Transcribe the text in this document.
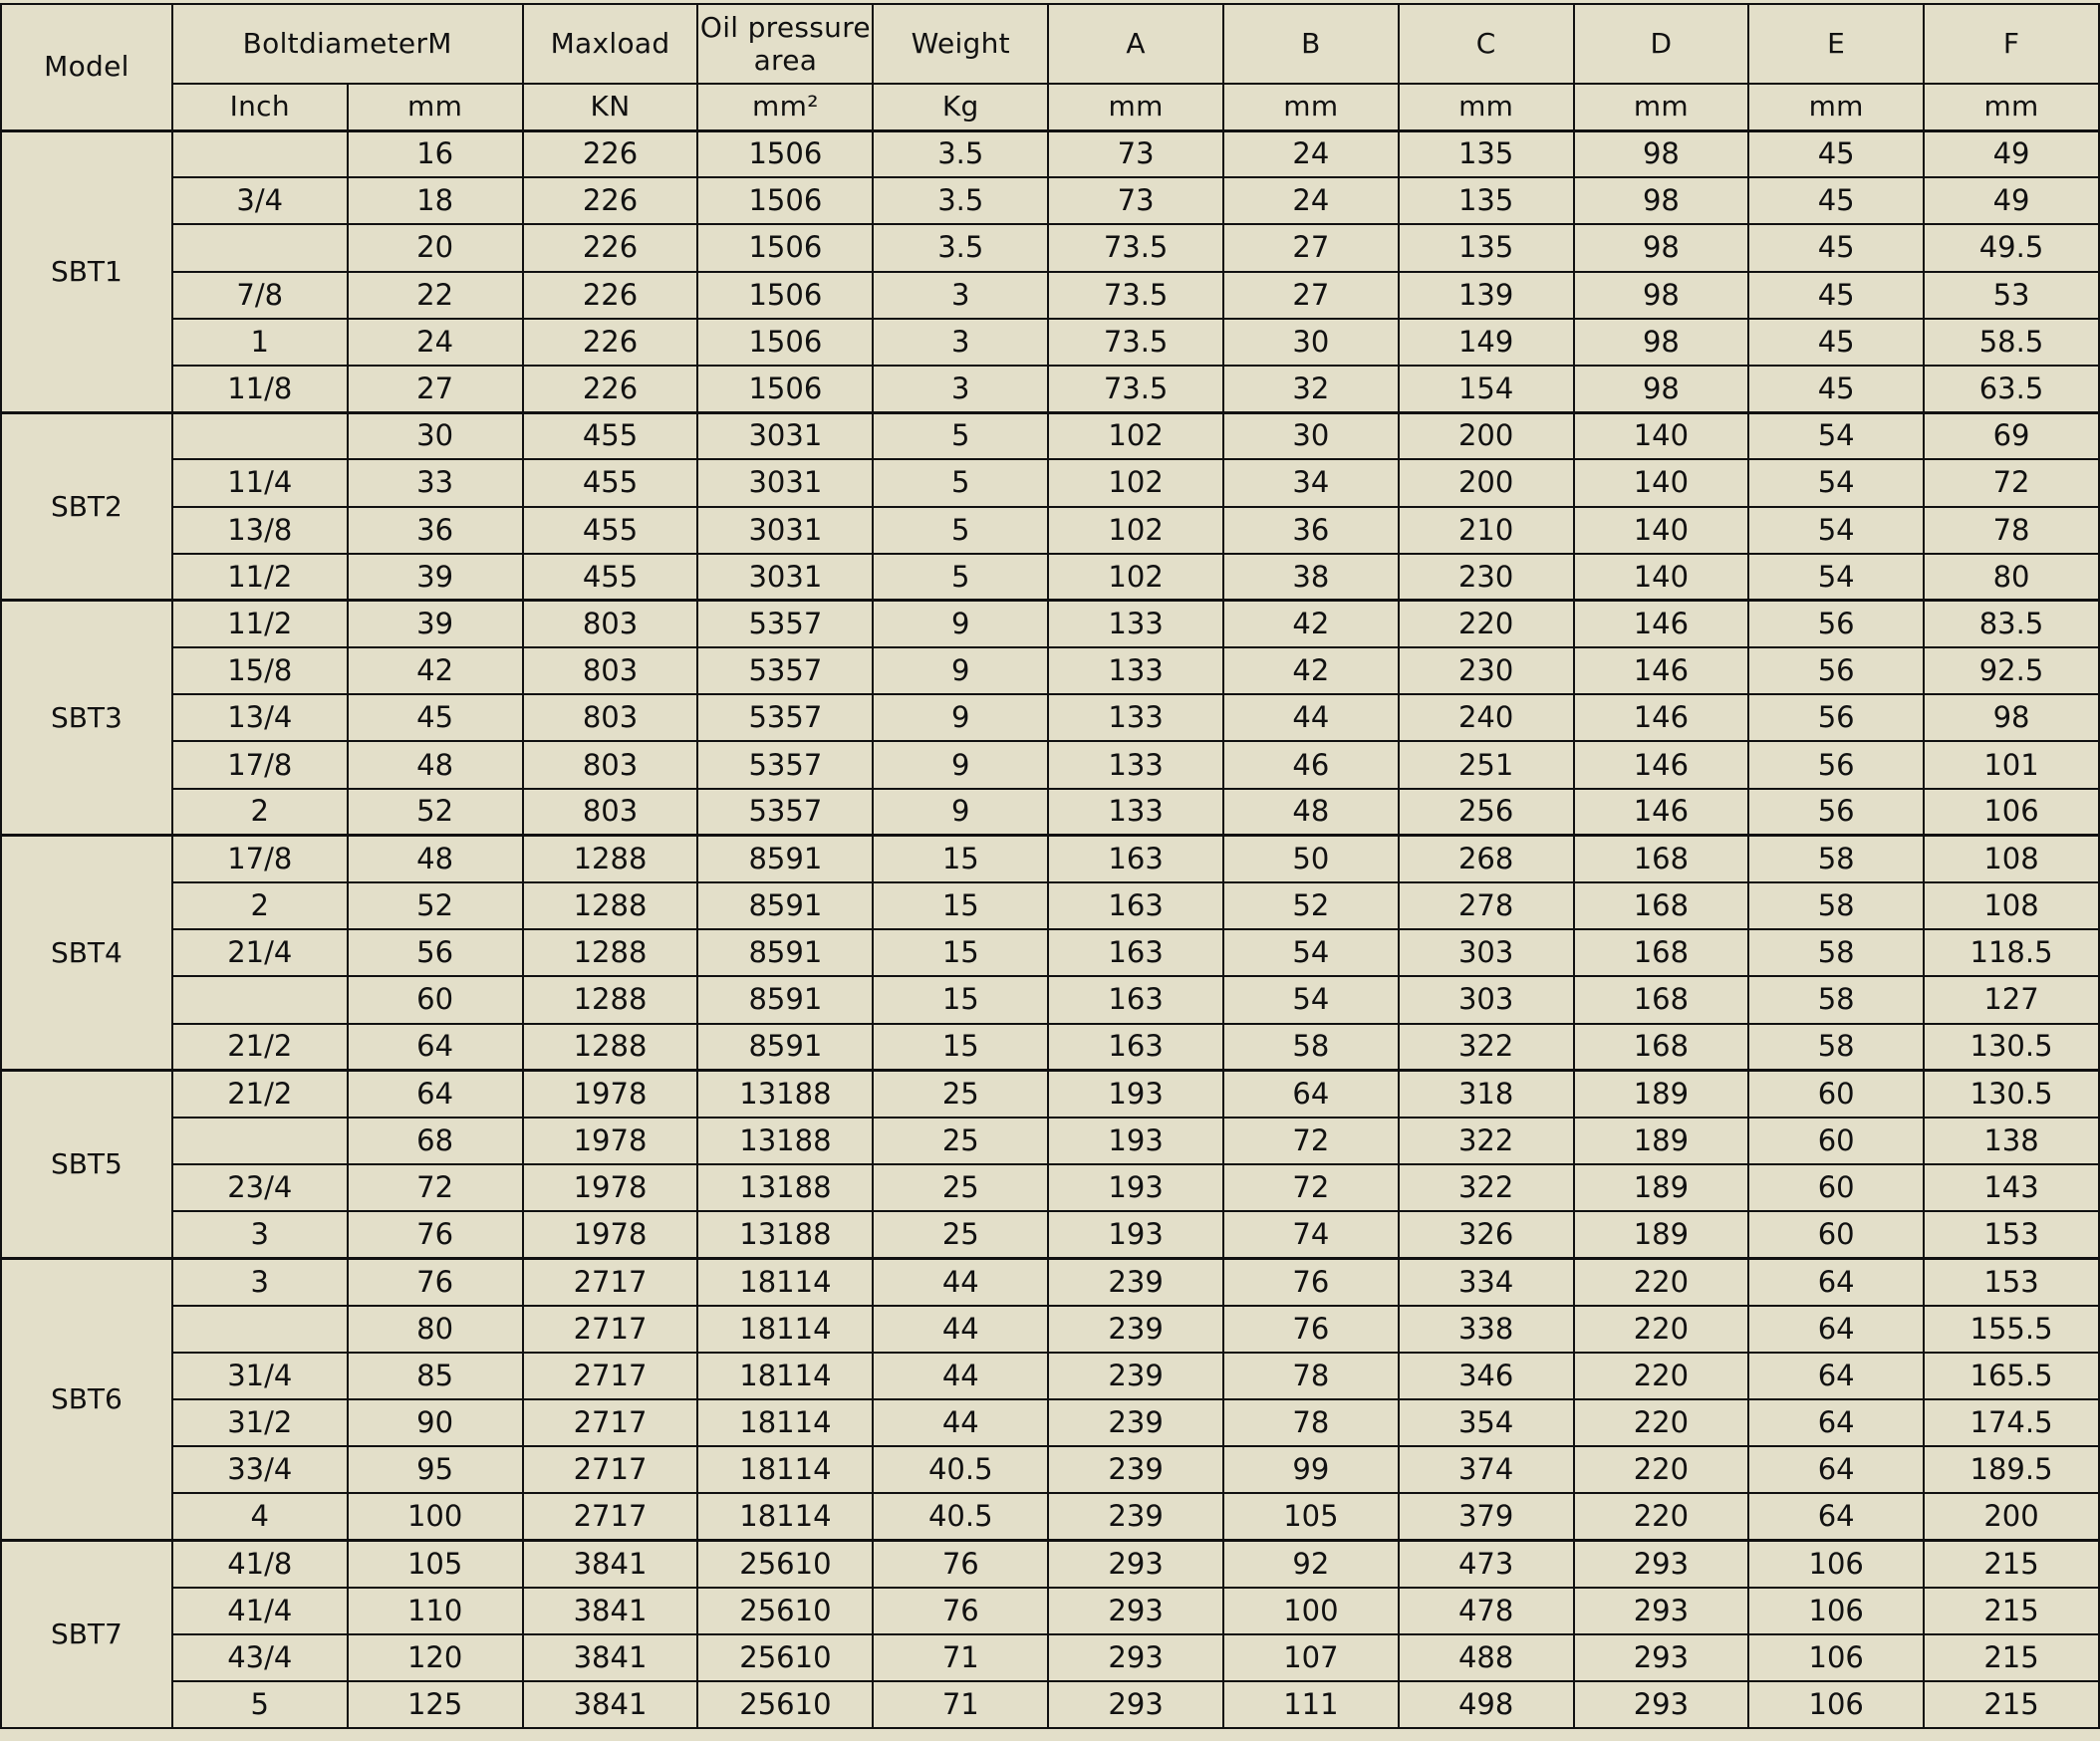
Model	BoltdiameterM		Maxload	Oil pressure area	Weight	A	B	C	D	E	F
	Inch	mm	KN	mm²	Kg	mm	mm	mm	mm	mm	mm
SBT1		16	226	1506	3.5	73	24	135	98	45	49
	3/4	18	226	1506	3.5	73	24	135	98	45	49
		20	226	1506	3.5	73.5	27	135	98	45	49.5
	7/8	22	226	1506	3	73.5	27	139	98	45	53
	1	24	226	1506	3	73.5	30	149	98	45	58.5
	11/8	27	226	1506	3	73.5	32	154	98	45	63.5
SBT2		30	455	3031	5	102	30	200	140	54	69
	11/4	33	455	3031	5	102	34	200	140	54	72
	13/8	36	455	3031	5	102	36	210	140	54	78
	11/2	39	455	3031	5	102	38	230	140	54	80
SBT3	11/2	39	803	5357	9	133	42	220	146	56	83.5
	15/8	42	803	5357	9	133	42	230	146	56	92.5
	13/4	45	803	5357	9	133	44	240	146	56	98
	17/8	48	803	5357	9	133	46	251	146	56	101
	2	52	803	5357	9	133	48	256	146	56	106
SBT4	17/8	48	1288	8591	15	163	50	268	168	58	108
	2	52	1288	8591	15	163	52	278	168	58	108
	21/4	56	1288	8591	15	163	54	303	168	58	118.5
		60	1288	8591	15	163	54	303	168	58	127
	21/2	64	1288	8591	15	163	58	322	168	58	130.5
SBT5	21/2	64	1978	13188	25	193	64	318	189	60	130.5
		68	1978	13188	25	193	72	322	189	60	138
	23/4	72	1978	13188	25	193	72	322	189	60	143
	3	76	1978	13188	25	193	74	326	189	60	153
SBT6	3	76	2717	18114	44	239	76	334	220	64	153
		80	2717	18114	44	239	76	338	220	64	155.5
	31/4	85	2717	18114	44	239	78	346	220	64	165.5
	31/2	90	2717	18114	44	239	78	354	220	64	174.5
	33/4	95	2717	18114	40.5	239	99	374	220	64	189.5
	4	100	2717	18114	40.5	239	105	379	220	64	200
SBT7	41/8	105	3841	25610	76	293	92	473	293	106	215
	41/4	110	3841	25610	76	293	100	478	293	106	215
	43/4	120	3841	25610	71	293	107	488	293	106	215
	5	125	3841	25610	71	293	111	498	293	106	215
